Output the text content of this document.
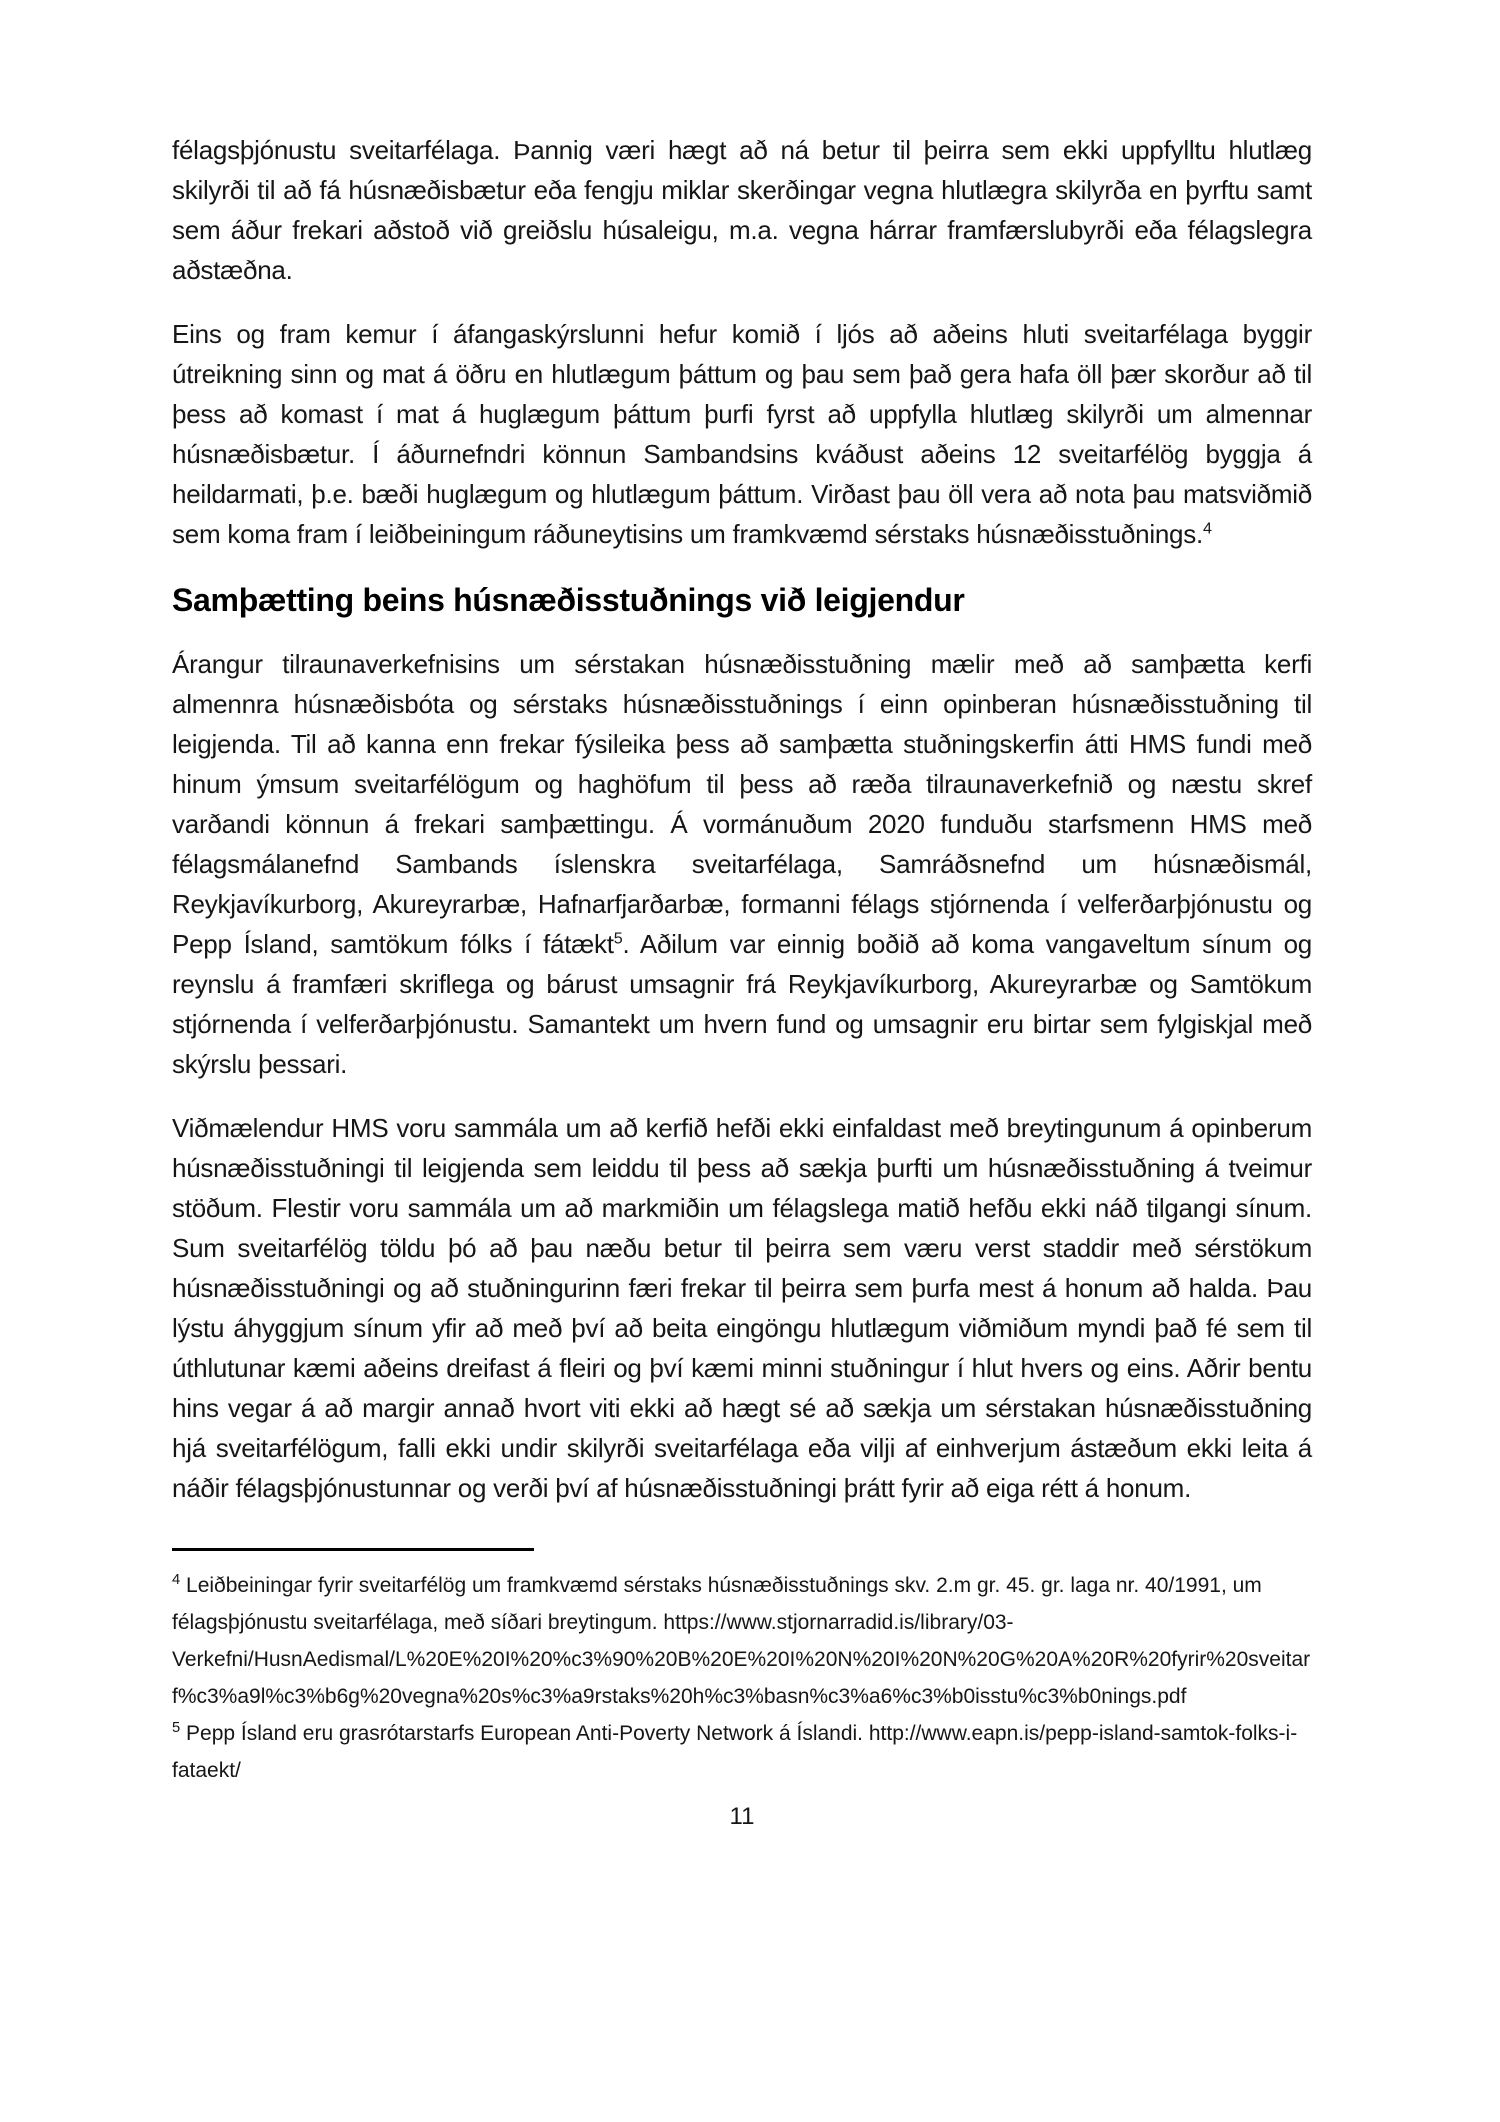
félagsþjónustu sveitarfélaga. Þannig væri hægt að ná betur til þeirra sem ekki uppfylltu hlutlæg skilyrði til að fá húsnæðisbætur eða fengju miklar skerðingar vegna hlutlægra skilyrða en þyrftu samt sem áður frekari aðstoð við greiðslu húsaleigu, m.a. vegna hárrar framfærslubyrði eða félagslegra aðstæðna.

Eins og fram kemur í áfangaskýrslunni hefur komið í ljós að aðeins hluti sveitarfélaga byggir útreikning sinn og mat á öðru en hlutlægum þáttum og þau sem það gera hafa öll þær skorður að til þess að komast í mat á huglægum þáttum þurfi fyrst að uppfylla hlutlæg skilyrði um almennar húsnæðisbætur. Í áðurnefndri könnun Sambandsins kváðust aðeins 12 sveitarfélög byggja á heildarmati, þ.e. bæði huglægum og hlutlægum þáttum. Virðast þau öll vera að nota þau matsviðmið sem koma fram í leiðbeiningum ráðuneytisins um framkvæmd sérstaks húsnæðisstuðnings.$^4$

Samþætting beins húsnæðisstuðnings við leigjendur

Árangur tilraunaverkefnisins um sérstakan húsnæðisstuðning mælir með að samþætta kerfi almennra húsnæðisbóta og sérstaks húsnæðisstuðnings í einn opinberan húsnæðisstuðning til leigjenda. Til að kanna enn frekar fýsileika þess að samþætta stuðningskerfin átti HMS fundi með hinum ýmsum sveitarfélögum og haghöfum til þess að ræða tilraunaverkefnið og næstu skref varðandi könnun á frekari samþættingu. Á vormánuðum 2020 funduðu starfsmenn HMS með félagsmálanefnd Sambands íslenskra sveitarfélaga, Samráðsnefnd um húsnæðismál, Reykjavíkurborg, Akureyrarbæ, Hafnarfjarðarbæ, formanni félags stjórnenda í velferðarþjónustu og Pepp Ísland, samtökum fólks í fátækt$^5$. Aðilum var einnig boðið að koma vangaveltum sínum og reynslu á framfæri skriflega og bárust umsagnir frá Reykjavíkurborg, Akureyrarbæ og Samtökum stjórnenda í velferðarþjónustu. Samantekt um hvern fund og umsagnir eru birtar sem fylgiskjal með skýrslu þessari.

Viðmælendur HMS voru sammála um að kerfið hefði ekki einfaldast með breytingunum á opinberum húsnæðisstuðningi til leigjenda sem leiddu til þess að sækja þurfti um húsnæðisstuðning á tveimur stöðum. Flestir voru sammála um að markmiðin um félagslega matið hefðu ekki náð tilgangi sínum. Sum sveitarfélög töldu þó að þau næðu betur til þeirra sem væru verst staddir með sérstökum húsnæðisstuðningi og að stuðningurinn færi frekar til þeirra sem þurfa mest á honum að halda. Þau lýstu áhyggjum sínum yfir að með því að beita eingöngu hlutlægum viðmiðum myndi það fé sem til úthlutunar kæmi aðeins dreifast á fleiri og því kæmi minni stuðningur í hlut hvers og eins. Aðrir bentu hins vegar á að margir annað hvort viti ekki að hægt sé að sækja um sérstakan húsnæðisstuðning hjá sveitarfélögum, falli ekki undir skilyrði sveitarfélaga eða vilji af einhverjum ástæðum ekki leita á náðir félagsþjónustunnar og verði því af húsnæðisstuðningi þrátt fyrir að eiga rétt á honum.

$^4$ Leiðbeiningar fyrir sveitarfélög um framkvæmd sérstaks húsnæðisstuðnings skv. 2.m gr. 45. gr. laga nr. 40/1991, um félagsþjónustu sveitarfélaga, með síðari breytingum. https://www.stjornarradid.is/library/03-Verkefni/HusnAedismal/L%20E%20I%20%c3%90%20B%20E%20I%20N%20I%20N%20G%20A%20R%20fyrir%20sveitarf%c3%a9l%c3%b6g%20vegna%20s%c3%a9rstaks%20h%c3%basn%c3%a6%c3%b0isstu%c3%b0nings.pdf
$^5$ Pepp Ísland eru grasrótarstarfs European Anti-Poverty Network á Íslandi. http://www.eapn.is/pepp-island-samtok-folks-i-fataekt/
11
